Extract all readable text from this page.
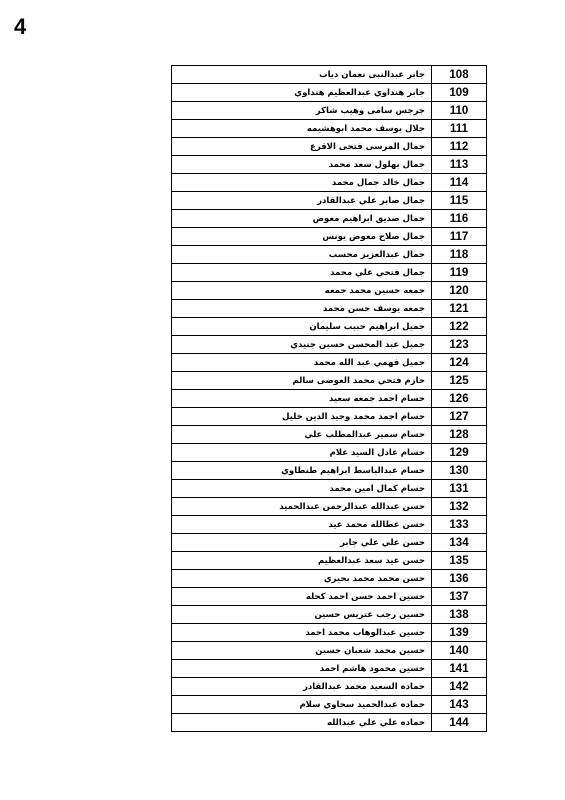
4
جابر عبدالنبى نعمان دياب	108
جابر هنداوي عبدالعظيم هنداوي	109
جرجس سامى وهيب شاكر	110
جلال يوسف محمد ابوهشيمه	111
جمال المرسى فتحى الاقرع	112
جمال بهلول سعد محمد	113
جمال خالد جمال محمد	114
جمال صابر علي عبدالقادر	115
جمال صديق ابراهيم معوض	116
جمال صلاح معوض يونس	117
جمال عبدالعزيز محسب	118
جمال فتحي علي محمد	119
جمعه حسين محمد جمعه	120
جمعه يوسف حسن محمد	121
جميل ابراهيم حبيب سليمان	122
جميل عبد المحسن حسين جنيدي	123
جميل فهمي عبد الله محمد	124
حازم فتحي محمد العوضى سالم	125
حسام احمد جمعه سعيد	126
حسام احمد محمد وحيد الدين خليل	127
حسام سمير عبدالمطلب علي	128
حسام عادل السيد علام	129
حسام عبدالباسط ابراهيم طنطاوي	130
حسام كمال امين محمد	131
حسن عبدالله عبدالرحمن عبدالحميد	132
حسن عطالله محمد عيد	133
حسن علي علي جابر	134
حسن عيد سعد عبدالعظيم	135
حسن محمد محمد بحيري	136
حسين احمد حسن احمد كحله	137
حسين رجب عتريس حسين	138
حسين عبدالوهاب محمد احمد	139
حسين محمد شعبان حسين	140
حسين محمود هاشم احمد	141
حماده السعيد محمد عبدالقادر	142
حماده عبدالحميد سحاوي سلام	143
حماده علي علي عبدالله	144
